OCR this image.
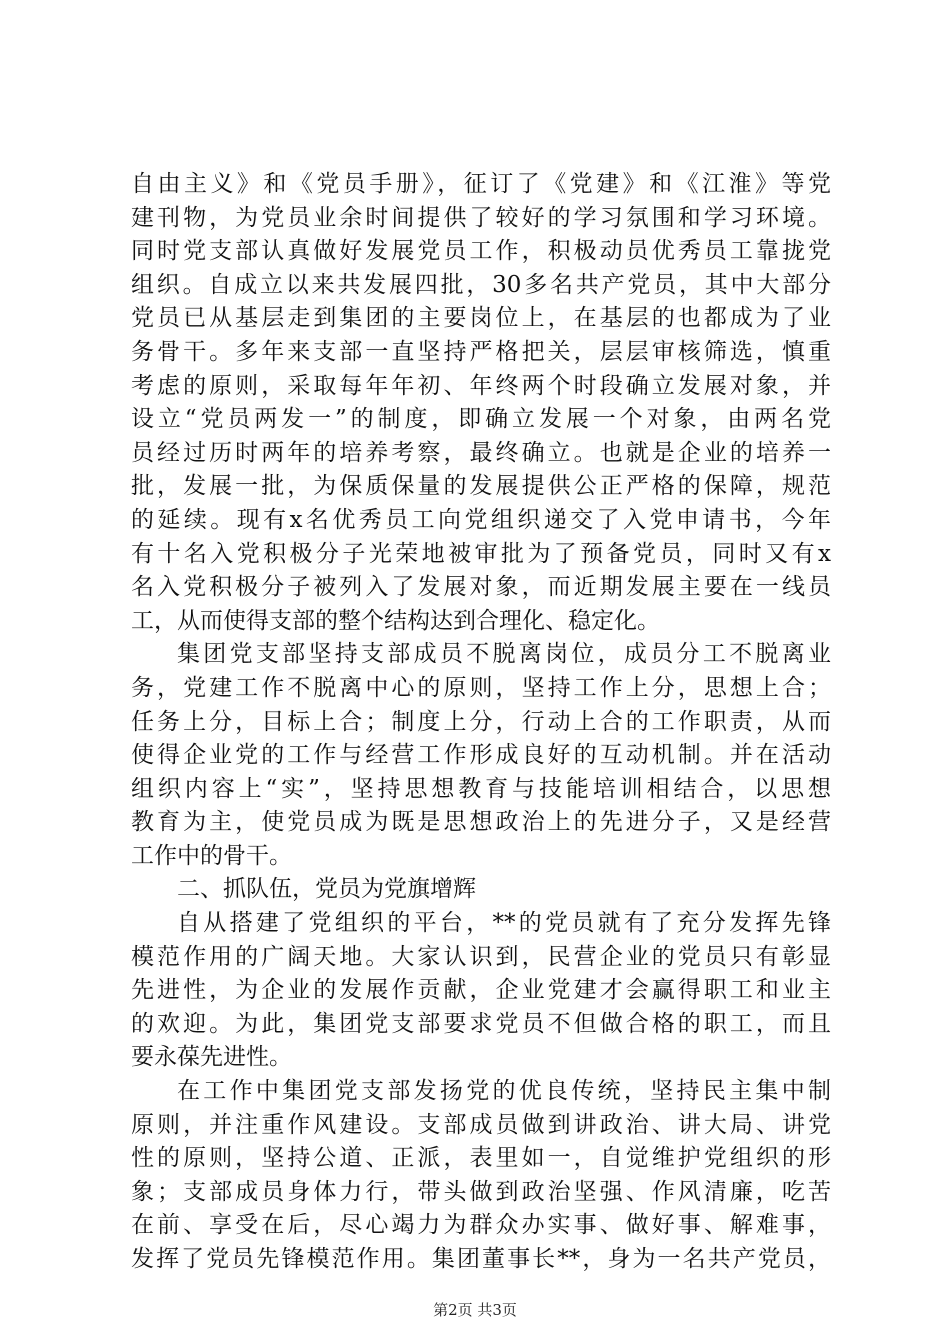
自由主义》和《党员手册》，征订了《党建》和《江淮》等党
建刊物，为党员业余时间提供了较好的学习氛围和学习环境。
同时党支部认真做好发展党员工作，积极动员优秀员工靠拢党
组织。自成立以来共发展四批，30多名共产党员，其中大部分
党员已从基层走到集团的主要岗位上，在基层的也都成为了业
务骨干。多年来支部一直坚持严格把关，层层审核筛选，慎重
考虑的原则，采取每年年初、年终两个时段确立发展对象，并
设立“党员两发一”的制度，即确立发展一个对象，由两名党
员经过历时两年的培养考察，最终确立。也就是企业的培养一
批，发展一批，为保质保量的发展提供公正严格的保障，规范
的延续。现有x名优秀员工向党组织递交了入党申请书，今年
有十名入党积极分子光荣地被审批为了预备党员，同时又有x
名入党积极分子被列入了发展对象，而近期发展主要在一线员
工，从而使得支部的整个结构达到合理化、稳定化。
集团党支部坚持支部成员不脱离岗位，成员分工不脱离业
务，党建工作不脱离中心的原则，坚持工作上分，思想上合；
任务上分，目标上合；制度上分，行动上合的工作职责，从而
使得企业党的工作与经营工作形成良好的互动机制。并在活动
组织内容上“实”，坚持思想教育与技能培训相结合，以思想
教育为主，使党员成为既是思想政治上的先进分子，又是经营
工作中的骨干。
二、抓队伍，党员为党旗增辉
自从搭建了党组织的平台，**的党员就有了充分发挥先锋
模范作用的广阔天地。大家认识到，民营企业的党员只有彰显
先进性，为企业的发展作贡献，企业党建才会赢得职工和业主
的欢迎。为此，集团党支部要求党员不但做合格的职工，而且
要永葆先进性。
在工作中集团党支部发扬党的优良传统，坚持民主集中制
原则，并注重作风建设。支部成员做到讲政治、讲大局、讲党
性的原则，坚持公道、正派，表里如一，自觉维护党组织的形
象；支部成员身体力行，带头做到政治坚强、作风清廉，吃苦
在前、享受在后，尽心竭力为群众办实事、做好事、解难事，
发挥了党员先锋模范作用。集团董事长**，身为一名共产党员，
第2页 共3页
